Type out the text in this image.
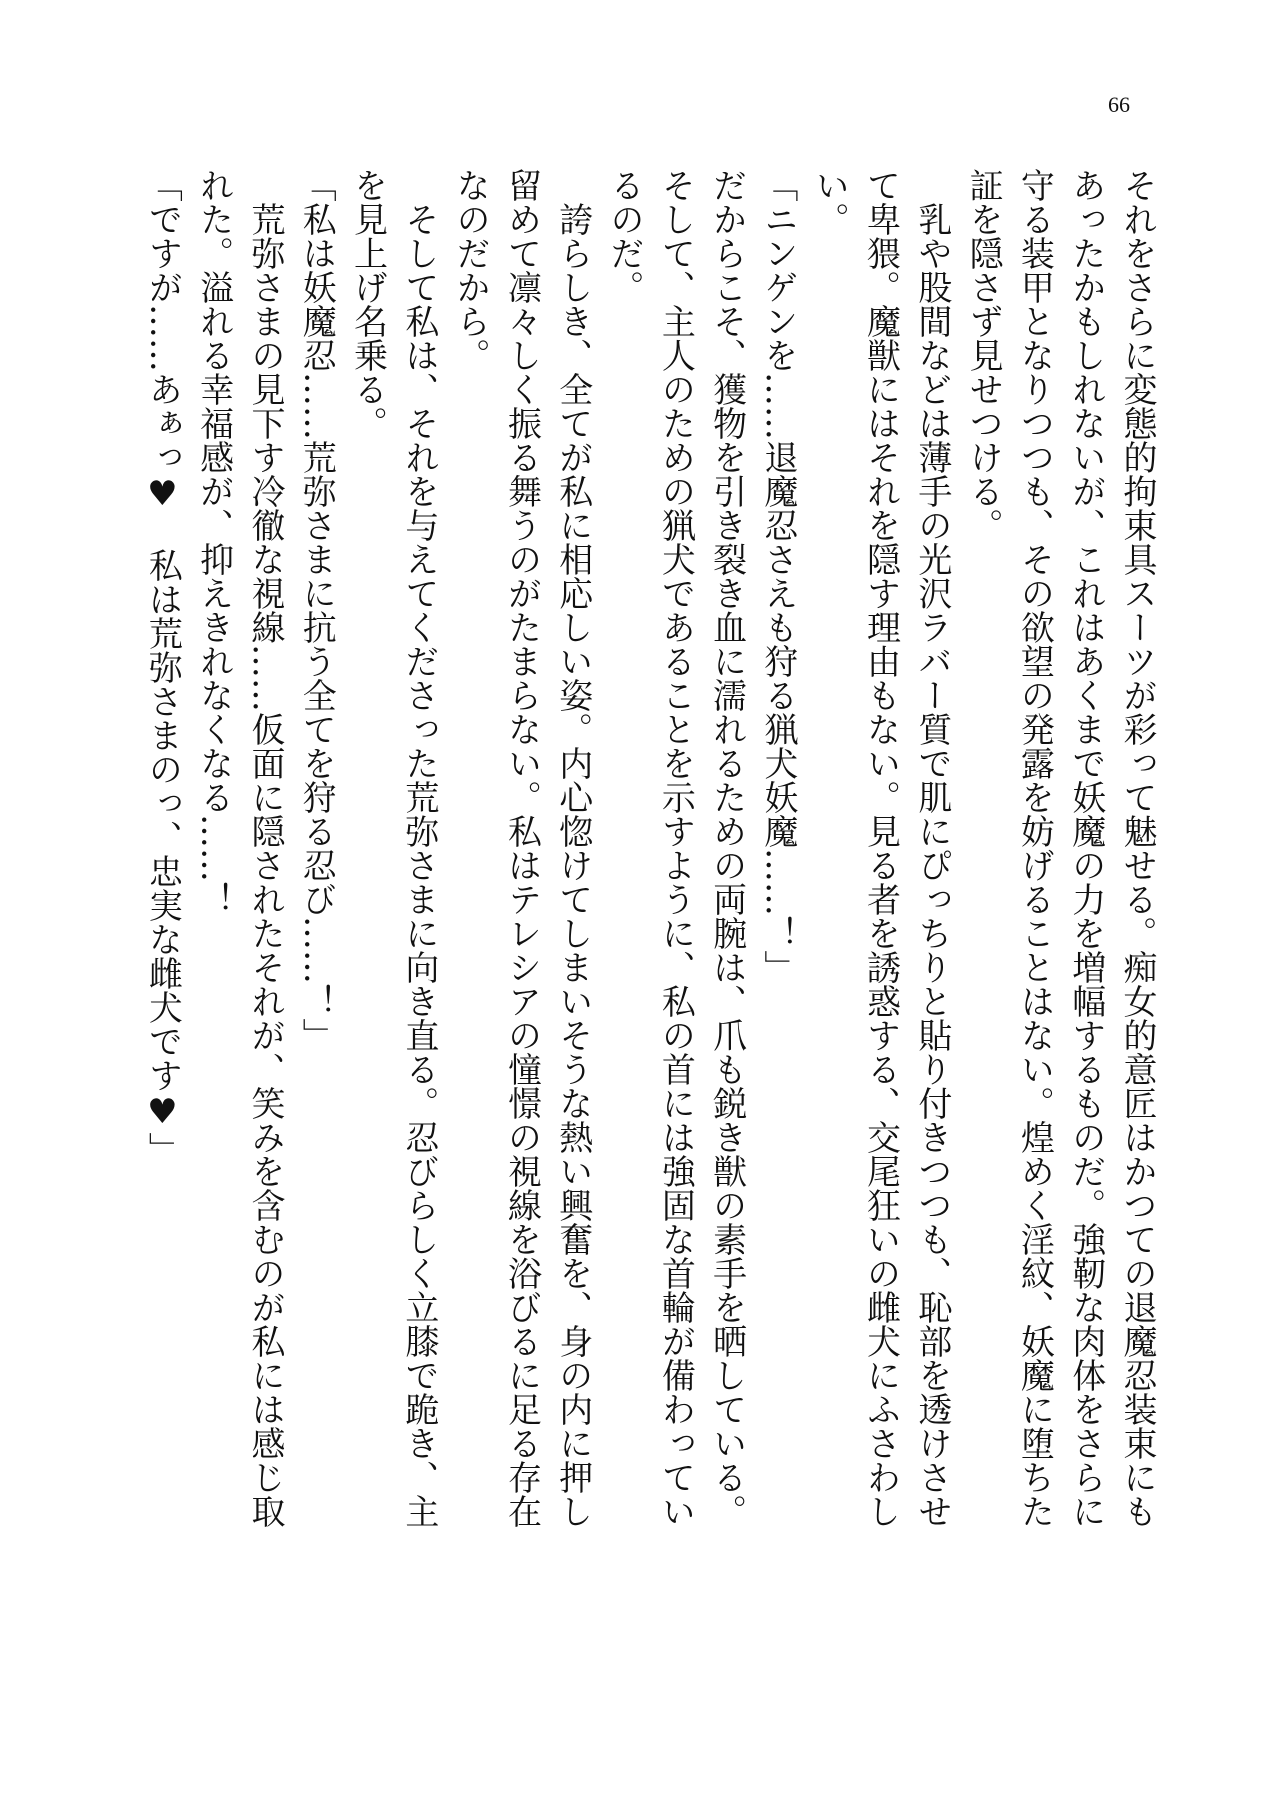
66

それをさらに変態的拘束具スーツが彩って魅せる。痴女的意匠はかつての退魔忍装束にも

あったかもしれないが、これはあくまで妖魔の力を増幅するものだ。強靭な肉体をさらに

守る装甲となりつつも、その欲望の発露を妨げることはない。煌めく淫紋、妖魔に堕ちた

証を隠さず見せつける。

　乳や股間などは薄手の光沢ラバー質で肌にぴっちりと貼り付きつつも、恥部を透けさせ

て卑猥。魔獣にはそれを隠す理由もない。見る者を誘惑する、交尾狂いの雌犬にふさわし

い。

「ニンゲンを……退魔忍さえも狩る猟犬妖魔……！」

だからこそ、獲物を引き裂き血に濡れるための両腕は、爪も鋭き獣の素手を晒している。

そして、主人のための猟犬であることを示すように、私の首には強固な首輪が備わってい

るのだ。

　誇らしき、全てが私に相応しい姿。内心惚けてしまいそうな熱い興奮を、身の内に押し

留めて凛々しく振る舞うのがたまらない。私はテレシアの憧憬の視線を浴びるに足る存在

なのだから。

　そして私は、それを与えてくださった荒弥さまに向き直る。忍びらしく立膝で跪き、主

を見上げ名乗る。

「私は妖魔忍……荒弥さまに抗う全てを狩る忍び……！」

　荒弥さまの見下す冷徹な視線……仮面に隠されたそれが、笑みを含むのが私には感じ取

れた。溢れる幸福感が、抑えきれなくなる……！

「ですが……あぁっ♥　私は荒弥さまのっ、忠実な雌犬です♥」
